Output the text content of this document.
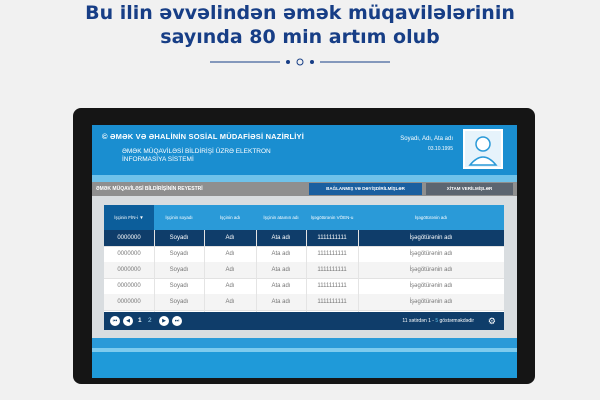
Bu ilin əvvəlindən əmək müqavilələrinin
sayında 80 min artım olub
© ƏMƏK VƏ ƏHALİNİN SOSİAL MÜDAFİƏSİ NAZİRLİYİ
ƏMƏK MÜQAVİLƏSİ BİLDİRİŞİ ÜZRƏ ELEKTRON
İNFORMASİYA SİSTEMİ
Soyadı, Adı, Ata adı
03.10.1995
ƏMƏK MÜQAVİLƏSİ BİLDİRİŞİNİN REYESTRİ	BAĞLANMIŞ VƏ DƏYİŞDİRİLMİŞLƏR	XİTAM VERİLMİŞLƏR
İşçinin FİN-i ▼	İşçinin soyadı	İşçinin adı	İşçinin ataının adı	İşəgötürənin VÖEN-u	İşəgötürənin adı
0000000	Soyadı	Adı	Ata adı	1111111111	İşəgötürənin adı
0000000	Soyadı	Adı	Ata adı	1111111111	İşəgötürənin adı
0000000	Soyadı	Adı	Ata adı	1111111111	İşəgötürənin adı
0000000	Soyadı	Adı	Ata adı	1111111111	İşəgötürənin adı
0000000	Soyadı	Adı	Ata adı	1111111111	İşəgötürənin adı
⏮	◀	1 2	▶	⏭	11 sətirdən 1 - 5 göstərməkdədir ⚙
